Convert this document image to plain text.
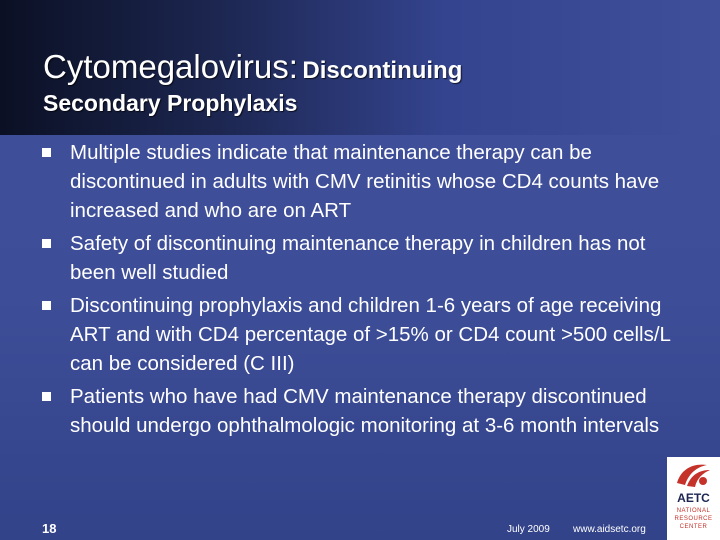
Cytomegalovirus: Discontinuing
Secondary Prophylaxis
Multiple studies indicate that maintenance therapy can be discontinued in adults with CMV retinitis whose CD4 counts have increased and who are on ART
Safety of discontinuing maintenance therapy in children has not been well studied
Discontinuing prophylaxis and children 1-6 years of age receiving ART and with CD4 percentage of >15% or CD4 count >500 cells/L can be considered (C III)
Patients who have had CMV maintenance therapy discontinued should undergo ophthalmologic monitoring at 3-6 month intervals
18	July 2009 www.aidsetc.org
AETC
NATIONAL
RESOURCE
CENTER
